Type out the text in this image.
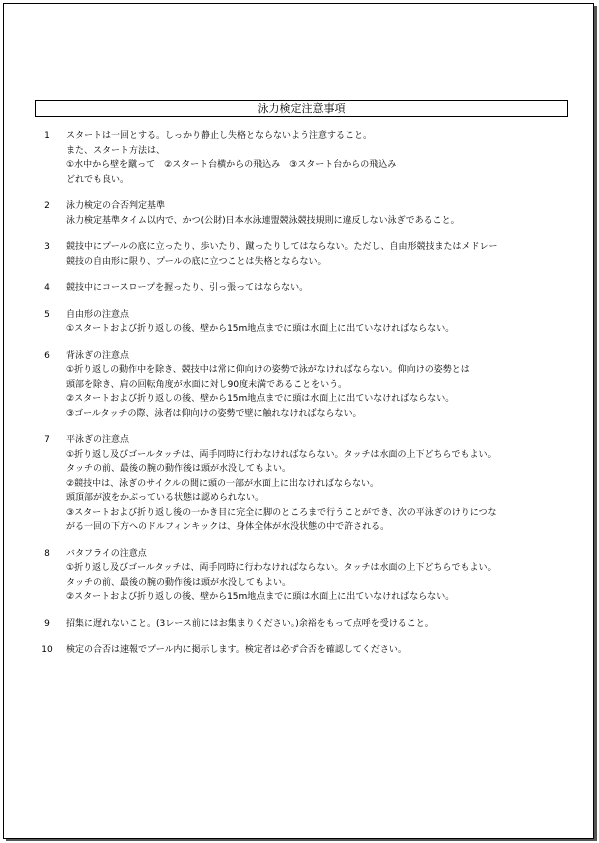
泳力検定注意事項
1	スタートは一回とする。しっかり静止し失格とならないよう注意すること。
また、スタート方法は、
①水中から壁を蹴って　②スタート台横からの飛込み　③スタート台からの飛込み
どれでも良い。
2	泳力検定の合否判定基準
泳力検定基準タイム以内で、かつ(公財)日本水泳連盟競泳競技規則に違反しない泳ぎであること。
3	競技中にプールの底に立ったり、歩いたり、蹴ったりしてはならない。ただし、自由形競技またはメドレー
競技の自由形に限り、プールの底に立つことは失格とならない。
4	競技中にコースロープを握ったり、引っ張ってはならない。
5	自由形の注意点
①スタートおよび折り返しの後、壁から15m地点までに頭は水面上に出ていなければならない。
6	背泳ぎの注意点
①折り返しの動作中を除き、競技中は常に仰向けの姿勢で泳がなければならない。仰向けの姿勢とは
頭部を除き、肩の回転角度が水面に対し90度未満であることをいう。
②スタートおよび折り返しの後、壁から15m地点までに頭は水面上に出ていなければならない。
③ゴールタッチの際、泳者は仰向けの姿勢で壁に触れなければならない。
7	平泳ぎの注意点
①折り返し及びゴールタッチは、両手同時に行わなければならない。タッチは水面の上下どちらでもよい。
タッチの前、最後の腕の動作後は頭が水没してもよい。
②競技中は、泳ぎのサイクルの間に頭の一部が水面上に出なければならない。
頭頂部が波をかぶっている状態は認められない。
③スタートおよび折り返し後の一かき目に完全に脚のところまで行うことができ、次の平泳ぎのけりにつな
がる一回の下方へのドルフィンキックは、身体全体が水没状態の中で許される。
8	バタフライの注意点
①折り返し及びゴールタッチは、両手同時に行わなければならない。タッチは水面の上下どちらでもよい。
タッチの前、最後の腕の動作後は頭が水没してもよい。
②スタートおよび折り返しの後、壁から15m地点までに頭は水面上に出ていなければならない。
9	招集に遅れないこと。(3レース前にはお集まりください。)余裕をもって点呼を受けること。
10	検定の合否は速報でプール内に掲示します。検定者は必ず合否を確認してください。
